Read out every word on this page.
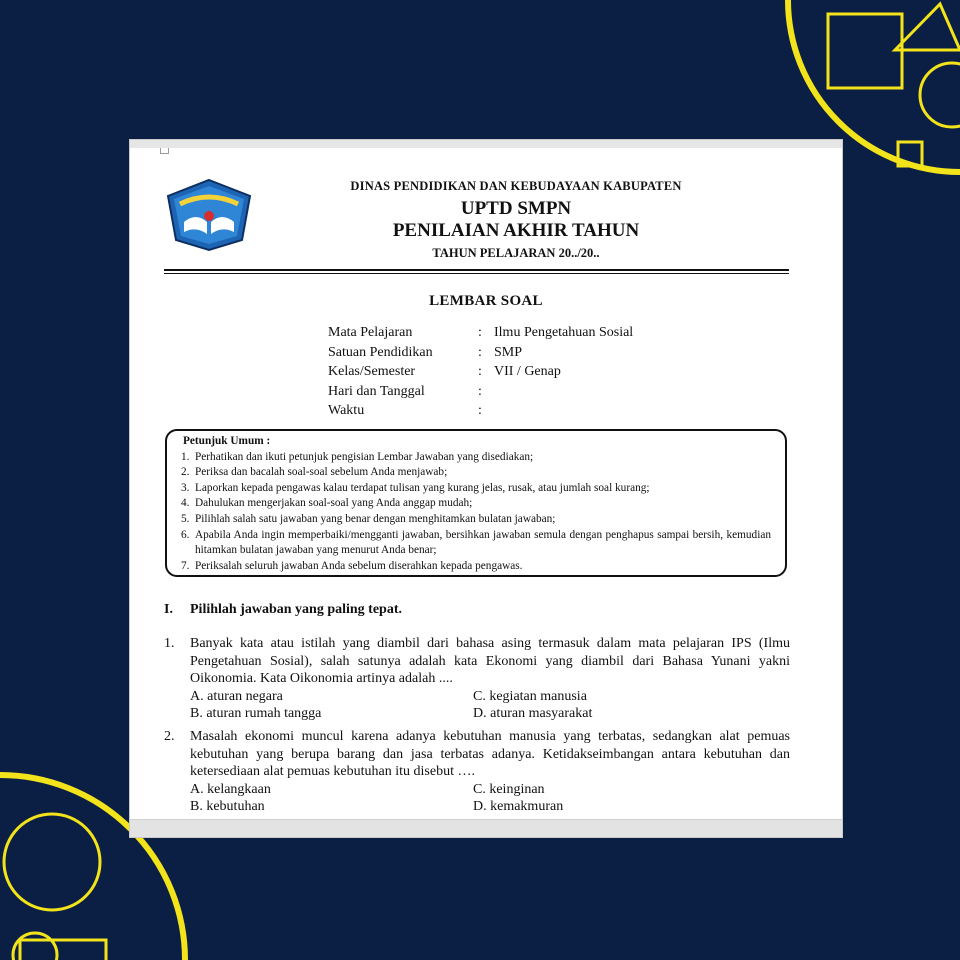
DINAS PENDIDIKAN DAN KEBUDAYAAN KABUPATEN
UPTD SMPN
PENILAIAN AKHIR TAHUN
TAHUN PELAJARAN 20../20..
LEMBAR SOAL
Mata Pelajaran	: Ilmu Pengetahuan Sosial
Satuan Pendidikan	: SMP
Kelas/Semester	: VII / Genap
Hari dan Tanggal	:
Waktu	:
Petunjuk Umum :
1. Perhatikan dan ikuti petunjuk pengisian Lembar Jawaban yang disediakan;
2. Periksa dan bacalah soal-soal sebelum Anda menjawab;
3. Laporkan kepada pengawas kalau terdapat tulisan yang kurang jelas, rusak, atau jumlah soal kurang;
4. Dahulukan mengerjakan soal-soal yang Anda anggap mudah;
5. Pilihlah salah satu jawaban yang benar dengan menghitamkan bulatan jawaban;
6. Apabila Anda ingin memperbaiki/mengganti jawaban, bersihkan jawaban semula dengan penghapus sampai bersih, kemudian hitamkan bulatan jawaban yang menurut Anda benar;
7. Periksalah seluruh jawaban Anda sebelum diserahkan kepada pengawas.
I. Pilihlah jawaban yang paling tepat.
1.	Banyak kata atau istilah yang diambil dari bahasa asing termasuk dalam mata pelajaran IPS (Ilmu Pengetahuan Sosial), salah satunya adalah kata Ekonomi yang diambil dari Bahasa Yunani yakni Oikonomia. Kata Oikonomia artinya adalah ....
A. aturan negara	C. kegiatan manusia
B. aturan rumah tangga	D. aturan masyarakat
2.	Masalah ekonomi muncul karena adanya kebutuhan manusia yang terbatas, sedangkan alat pemuas kebutuhan yang berupa barang dan jasa terbatas adanya. Ketidakseimbangan antara kebutuhan dan ketersediaan alat pemuas kebutuhan itu disebut ….
A. kelangkaan	C. keinginan
B. kebutuhan	D. kemakmuran
